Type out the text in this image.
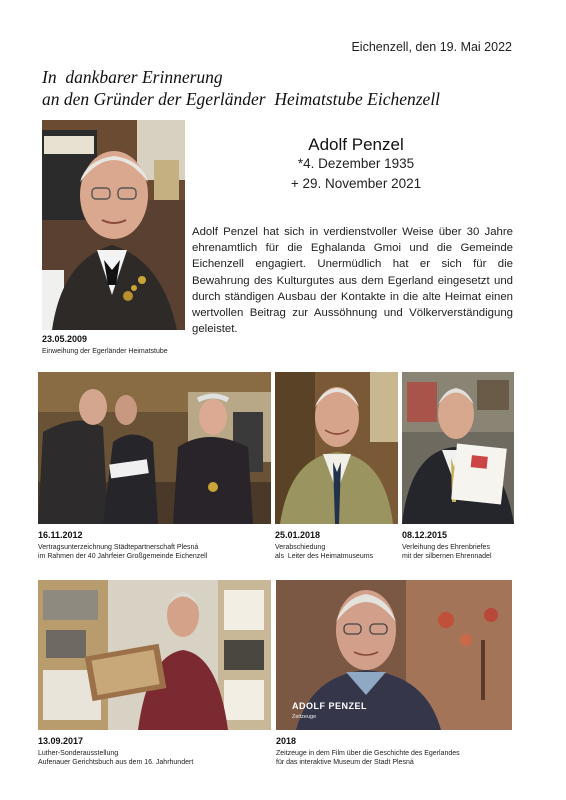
Eichenzell, den 19. Mai 2022
In  dankbarer Erinnerung
an den Gründer der Egerländer  Heimatstube Eichenzell
23.05.2009
Einweihung der Egerländer Heimatstube
Adolf Penzel
*4. Dezember 1935
+ 29. November 2021
Adolf Penzel hat sich in verdienstvoller Weise über 30 Jahre ehrenamtlich für die Eghalanda Gmoi und die Gemeinde Eichenzell engagiert. Unermüdlich hat er sich für die Bewahrung des Kulturgutes aus dem Egerland eingesetzt und durch ständigen Ausbau der Kontakte in die alte Heimat einen wertvollen Beitrag zur Aussöhnung und Völkerverständigung geleistet.
16.11.2012
Vertragsunterzeichnung Städtepartnerschaft Plesná
im Rahmen der 40 Jahrfeier Großgemeinde Eichenzell
25.01.2018
Verabschiedung
als  Leiter des Heimatmuseums
08.12.2015
Verleihung des Ehrenbriefes
mit der silbernen Ehrennadel
13.09.2017
Luther-Sonderausstellung
Aufenauer Gerichtsbuch aus dem 16. Jahrhundert
ADOLF PENZEL
Zeitzeuge
2018
Zeitzeuge in dem Film über die Geschichte des Egerlandes
für das interaktive Museum der Stadt Plesná
